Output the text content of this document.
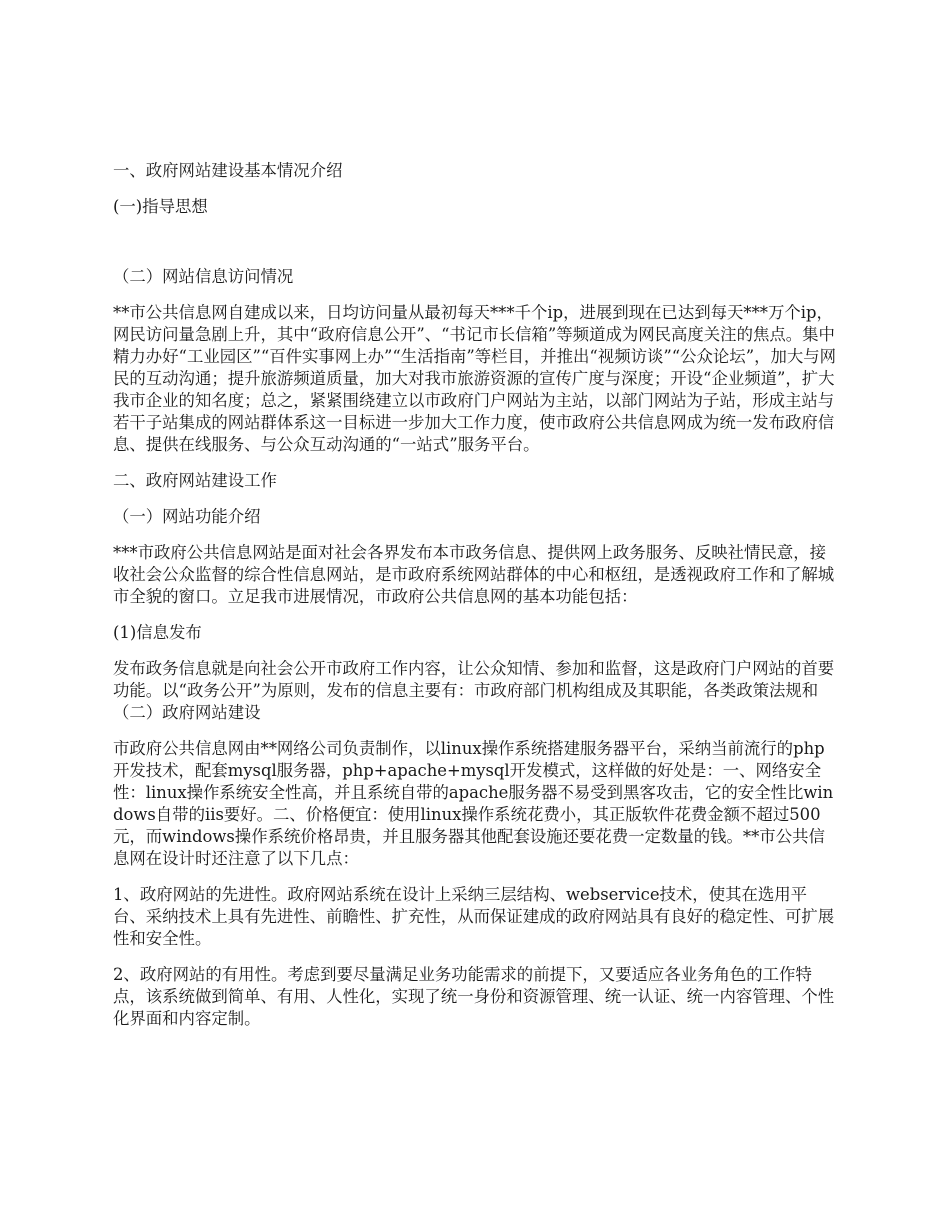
一、政府网站建设基本情况介绍

(一)指导思想

（二）网站信息访问情况

**市公共信息网自建成以来，日均访问量从最初每天***千个ip，进展到现在已达到每天***万个ip，网民访问量急剧上升，其中“政府信息公开”、“书记市长信箱”等频道成为网民高度关注的焦点。集中精力办好“工业园区”“百件实事网上办”“生活指南”等栏目，并推出“视频访谈”“公众论坛”，加大与网民的互动沟通；提升旅游频道质量，加大对我市旅游资源的宣传广度与深度；开设“企业频道”，扩大我市企业的知名度；总之，紧紧围绕建立以市政府门户网站为主站，以部门网站为子站，形成主站与若干子站集成的网站群体系这一目标进一步加大工作力度，使市政府公共信息网成为统一发布政府信息、提供在线服务、与公众互动沟通的“一站式”服务平台。

二、政府网站建设工作

（一）网站功能介绍

***市政府公共信息网站是面对社会各界发布本市政务信息、提供网上政务服务、反映社情民意，接收社会公众监督的综合性信息网站，是市政府系统网站群体的中心和枢纽，是透视政府工作和了解城市全貌的窗口。立足我市进展情况，市政府公共信息网的基本功能包括：

(1)信息发布

发布政务信息就是向社会公开市政府工作内容，让公众知情、参加和监督，这是政府门户网站的首要功能。以“政务公开”为原则，发布的信息主要有：市政府部门机构组成及其职能，各类政策法规和 （二）政府网站建设

市政府公共信息网由**网络公司负责制作，以linux操作系统搭建服务器平台，采纳当前流行的php开发技术，配套mysql服务器，php+apache+mysql开发模式，这样做的好处是：一、网络安全性：linux操作系统安全性高，并且系统自带的apache服务器不易受到黑客攻击，它的安全性比windows自带的iis要好。二、价格便宜：使用linux操作系统花费小，其正版软件花费金额不超过500元，而windows操作系统价格昂贵，并且服务器其他配套设施还要花费一定数量的钱。**市公共信息网在设计时还注意了以下几点：

1、政府网站的先进性。政府网站系统在设计上采纳三层结构、webservice技术，使其在选用平台、采纳技术上具有先进性、前瞻性、扩充性，从而保证建成的政府网站具有良好的稳定性、可扩展性和安全性。

2、政府网站的有用性。考虑到要尽量满足业务功能需求的前提下，又要适应各业务角色的工作特点，该系统做到简单、有用、人性化，实现了统一身份和资源管理、统一认证、统一内容管理、个性化界面和内容定制。
